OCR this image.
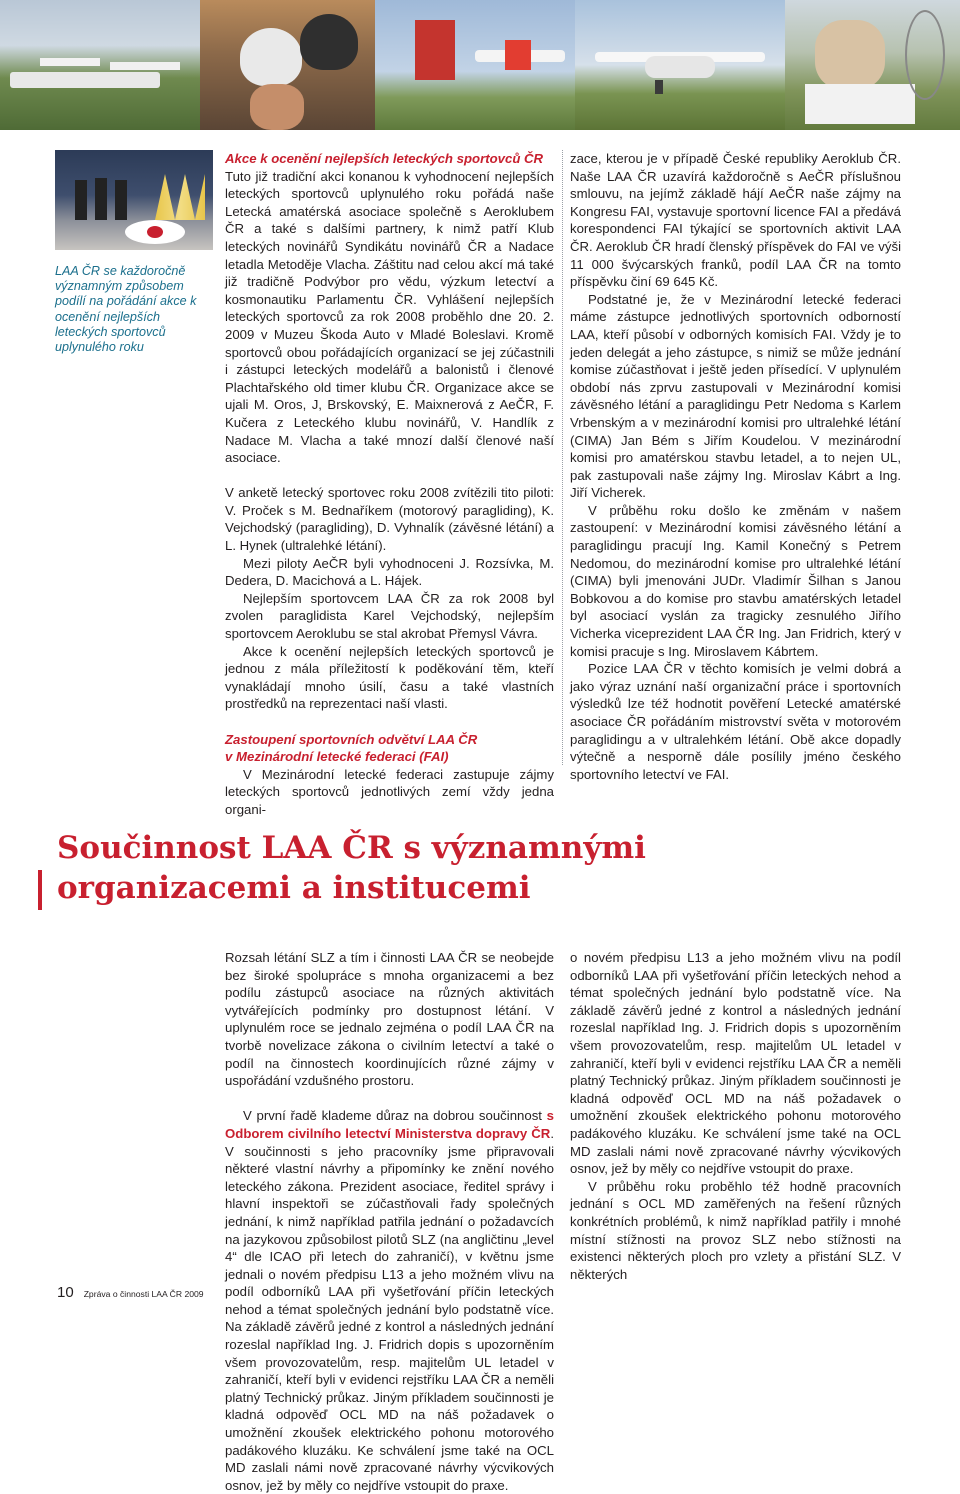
LAA ČR se každoročně významným způsobem podílí na pořádání akce k ocenění nejlepších leteckých sportovců uplynulého roku
Akce k ocenění nejlepších leteckých sportovců ČR

Tuto již tradiční akci konanou k vyhodnocení nejlepších leteckých sportovců uplynulého roku pořádá naše Letecká amatérská asociace společně s Aeroklubem ČR a také s dalšími partnery, k nimž patří Klub leteckých novinářů Syndikátu novinářů ČR a Nadace letadla Metoděje Vlacha. Záštitu nad celou akcí má také již tradičně Podvýbor pro vědu, výzkum letectví a kosmonautiku Parlamentu ČR. Vyhlášení nejlepších leteckých sportovců za rok 2008 proběhlo dne 20. 2. 2009 v Muzeu Škoda Auto v Mladé Boleslavi. Kromě sportovců obou pořádajících organizací se jej zúčastnili i zástupci leteckých modelářů a balonistů i členové Plachtařského old timer klubu ČR. Organizace akce se ujali M. Oros, J, Brskovský, E. Maixnerová z AeČR, F. Kučera z Leteckého klubu novinářů, V. Handlík z Nadace M. Vlacha a také mnozí další členové naší asociace.

V anketě letecký sportovec roku 2008 zvítězili tito piloti: V. Proček s M. Bednaříkem (motorový paragliding), K. Vejchodský (paragliding), D. Vyhnalík (závěsné létání) a L. Hynek (ultralehké létání).

Mezi piloty AeČR byli vyhodnoceni J. Rozsívka, M. Dedera, D. Macichová a L. Hájek.

Nejlepším sportovcem LAA ČR za rok 2008 byl zvolen paraglidista Karel Vejchodský, nejlepším sportovcem Aeroklubu se stal akrobat Přemysl Vávra.

Akce k ocenění nejlepších leteckých sportovců je jednou z mála příležitostí k poděkování těm, kteří vynakládají mnoho úsilí, času a také vlastních prostředků na reprezentaci naší vlasti.

Zastoupení sportovních odvětví LAA ČR
v Mezinárodní letecké federaci (FAI)

V Mezinárodní letecké federaci zastupuje zájmy leteckých sportovců jednotlivých zemí vždy jedna organi-

zace, kterou je v případě České republiky Aeroklub ČR. Naše LAA ČR uzavírá každoročně s AeČR příslušnou smlouvu, na jejímž základě hájí AeČR naše zájmy na Kongresu FAI, vystavuje sportovní licence FAI a předává korespondenci FAI týkající se sportovních aktivit LAA ČR. Aeroklub ČR hradí členský příspěvek do FAI ve výši 11 000 švýcarských franků, podíl LAA ČR na tomto příspěvku činí 69 645 Kč.

Podstatné je, že v Mezinárodní letecké federaci máme zástupce jednotlivých sportovních odborností LAA, kteří působí v odborných komisích FAI. Vždy je to jeden delegát a jeho zástupce, s nimiž se může jednání komise zúčastňovat i ještě jeden přísedící. V uplynulém období nás zprvu zastupovali v Mezinárodní komisi závěsného létání a paraglidingu Petr Nedoma s Karlem Vrbenským a v mezinárodní komisi pro ultralehké létání (CIMA) Jan Bém s Jiřím Koudelou. V mezinárodní komisi pro amatérskou stavbu letadel, a to nejen UL, pak zastupovali naše zájmy Ing. Miroslav Kábrt a Ing. Jiří Vicherek.

V průběhu roku došlo ke změnám v našem zastoupení: v Mezinárodní komisi závěsného létání a paraglidingu pracují Ing. Kamil Konečný s Petrem Nedomou, do mezinárodní komise pro ultralehké létání (CIMA) byli jmenováni JUDr. Vladimír Šilhan s Janou Bobkovou a do komise pro stavbu amatérských letadel byl asociací vyslán za tragicky zesnulého Jiřího Vicherka viceprezident LAA ČR Ing. Jan Fridrich, který v komisi pracuje s Ing. Miroslavem Kábrtem.

Pozice LAA ČR v těchto komisích je velmi dobrá a jako výraz uznání naší organizační práce i sportovních výsledků lze též hodnotit pověření Letecké amatérské asociace ČR pořádáním mistrovství světa v motorovém paraglidingu a v ultralehkém létání. Obě akce dopadly výtečně a nesporně dále posílily jméno českého sportovního letectví ve FAI.

Součinnost LAA ČR s významnými
organizacemi a institucemi

Rozsah létání SLZ a tím i činnosti LAA ČR se neobejde bez široké spolupráce s mnoha organizacemi a bez podílu zástupců asociace na různých aktivitách vytvářejících podmínky pro dostupnost létání. V uplynulém roce se jednalo zejména o podíl LAA ČR na tvorbě novelizace zákona o civilním letectví a také o podíl na činnostech koordinujících různé zájmy v uspořádání vzdušného prostoru.

V první řadě klademe důraz na dobrou součinnost s Odborem civilního letectví Ministerstva dopravy ČR. V součinnosti s jeho pracovníky jsme připravovali některé vlastní návrhy a připomínky ke znění nového leteckého zákona. Prezident asociace, ředitel správy i hlavní inspektoři se zúčastňovali řady společných jednání, k nimž například patřila jednání o požadavcích na jazykovou způsobilost pilotů SLZ (na angličtinu „level 4“ dle ICAO při letech do zahraničí), v květnu jsme jednali o novém předpisu L13 a jeho možném vlivu na podíl odborníků LAA při vyšetřování příčin leteckých nehod a témat společných jednání bylo podstatně více. Na základě závěrů jedné z kontrol a následných jednání rozeslal například Ing. J. Fridrich dopis s upozorněním všem provozovatelům, resp. majitelům UL letadel v zahraničí, kteří byli v evidenci rejstříku LAA ČR a neměli platný Technický průkaz. Jiným příkladem součinnosti je kladná odpověď OCL MD na náš požadavek o umožnění zkoušek elektrického pohonu motorového padákového kluzáku. Ke schválení jsme také na OCL MD zaslali námi nově zpracované návrhy výcvikových osnov, jež by měly co nejdříve vstoupit do praxe.

o novém předpisu L13 a jeho možném vlivu na podíl odborníků LAA při vyšetřování příčin leteckých nehod a témat společných jednání bylo podstatně více. Na základě závěrů jedné z kontrol a následných jednání rozeslal například Ing. J. Fridrich dopis s upozorněním všem provozovatelům, resp. majitelům UL letadel v zahraničí, kteří byli v evidenci rejstříku LAA ČR a neměli platný Technický průkaz. Jiným příkladem součinnosti je kladná odpověď OCL MD na náš požadavek o umožnění zkoušek elektrického pohonu motorového padákového kluzáku. Ke schválení jsme také na OCL MD zaslali námi nově zpracované návrhy výcvikových osnov, jež by měly co nejdříve vstoupit do praxe.

V průběhu roku proběhlo též hodně pracovních jednání s OCL MD zaměřených na řešení různých konkrétních problémů, k nimž například patřily i mnohé místní stížnosti na provoz SLZ nebo stížnosti na existenci některých ploch pro vzlety a přistání SLZ. V některých

10 Zpráva o činnosti LAA ČR 2009
